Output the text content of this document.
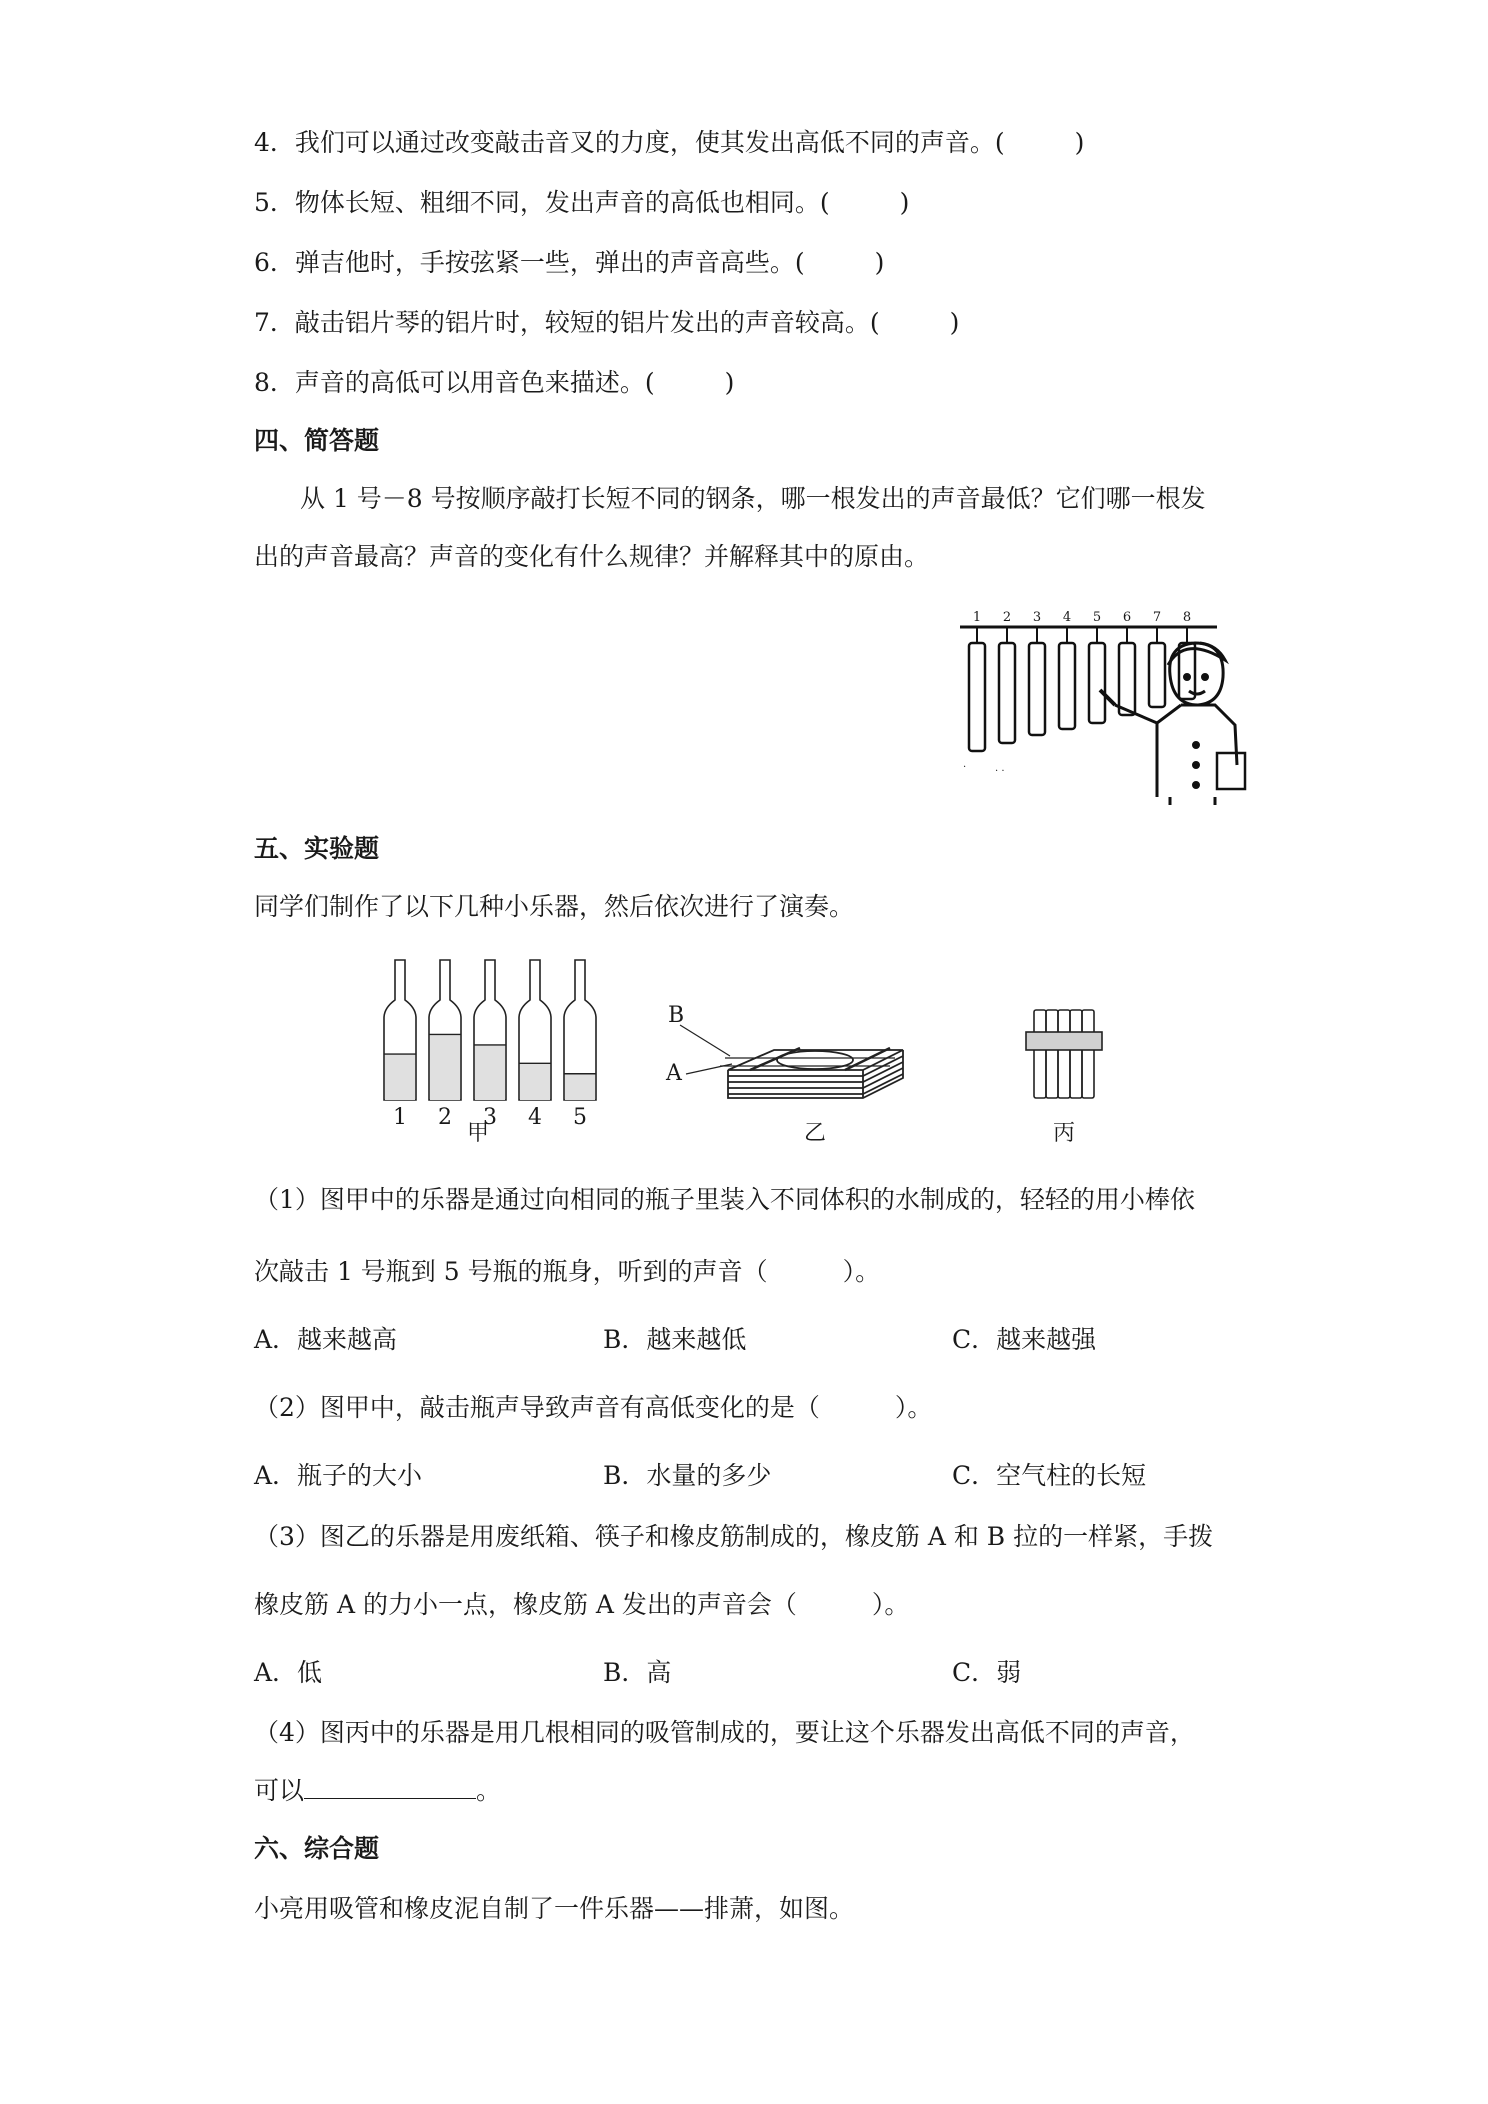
4．我们可以通过改变敲击音叉的力度，使其发出高低不同的声音。(	)
5．物体长短、粗细不同，发出声音的高低也相同。(	)
6．弹吉他时，手按弦紧一些，弹出的声音高些。(	)
7．敲击铝片琴的铝片时，较短的铝片发出的声音较高。(	)
8．声音的高低可以用音色来描述。(	)
四、简答题
从 1 号－8 号按顺序敲打长短不同的钢条，哪一根发出的声音最低？它们哪一根发
出的声音最高？声音的变化有什么规律？并解释其中的原由。
1 2 3 4 5 6 7 8
.	. .
五、实验题
同学们制作了以下几种小乐器，然后依次进行了演奏。
1 2 3 4 5
甲
B
A
乙	丙
（1）图甲中的乐器是通过向相同的瓶子里装入不同体积的水制成的，轻轻的用小棒依
次敲击 1 号瓶到 5 号瓶的瓶身，听到的声音（　　　）。
A．越来越高	B．越来越低	C．越来越强
（2）图甲中，敲击瓶声导致声音有高低变化的是（　　　）。
A．瓶子的大小	B．水量的多少	C．空气柱的长短
（3）图乙的乐器是用废纸箱、筷子和橡皮筋制成的，橡皮筋 A 和 B 拉的一样紧，手拨
橡皮筋 A 的力小一点，橡皮筋 A 发出的声音会（　　　）。
A．低	B．高	C．弱
（4）图丙中的乐器是用几根相同的吸管制成的，要让这个乐器发出高低不同的声音，
可以	。
六、综合题
小亮用吸管和橡皮泥自制了一件乐器——排萧，如图。
